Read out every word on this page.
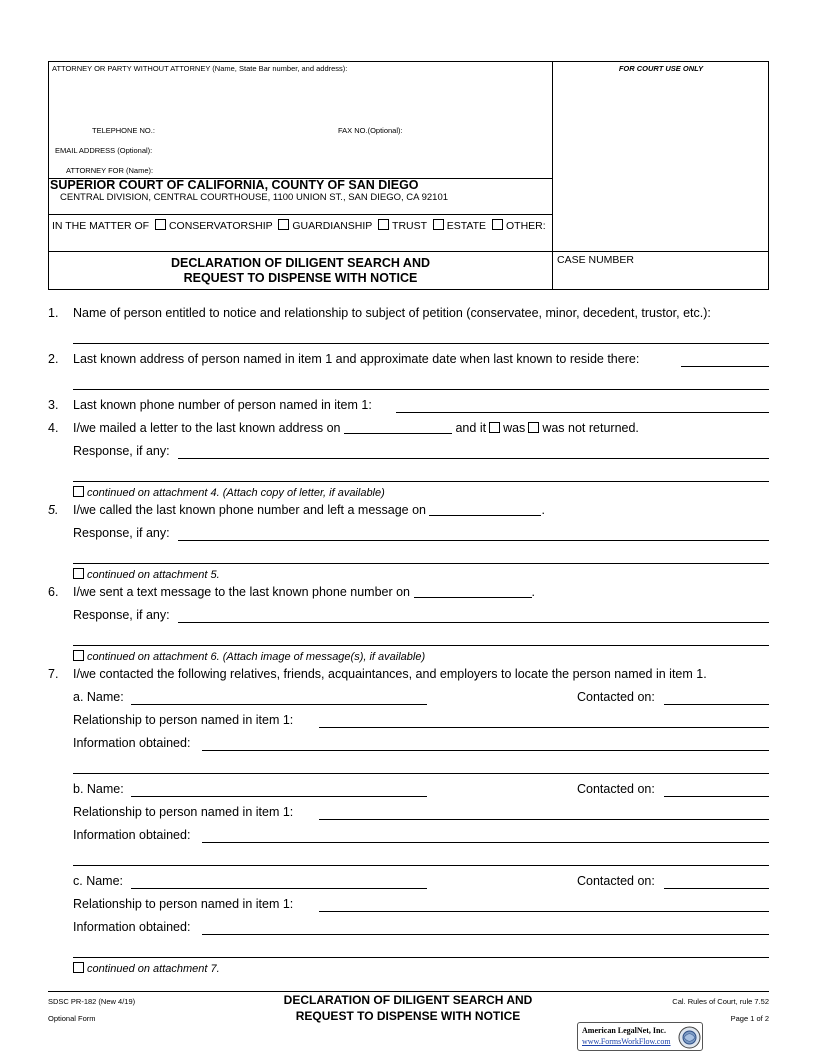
ATTORNEY OR PARTY WITHOUT ATTORNEY (Name, State Bar number, and address):	FOR COURT USE ONLY
TELEPHONE NO.:	FAX NO.(Optional):
EMAIL ADDRESS (Optional):
ATTORNEY FOR (Name):
SUPERIOR COURT OF CALIFORNIA, COUNTY OF SAN DIEGO
CENTRAL DIVISION, CENTRAL COURTHOUSE, 1100 UNION ST., SAN DIEGO, CA 92101
IN THE MATTER OF CONSERVATORSHIP GUARDIANSHIP TRUST ESTATE OTHER:
DECLARATION OF DILIGENT SEARCH AND
REQUEST TO DISPENSE WITH NOTICE
CASE NUMBER
1. Name of person entitled to notice and relationship to subject of petition (conservatee, minor, decedent, trustor, etc.):
2. Last known address of person named in item 1 and approximate date when last known to reside there:
3. Last known phone number of person named in item 1:
4. I/we mailed a letter to the last known address on	and it was was not returned.
Response, if any:
continued on attachment 4. (Attach copy of letter, if available)
5. I/we called the last known phone number and left a message on	.
Response, if any:
continued on attachment 5.
6. I/we sent a text message to the last known phone number on	.
Response, if any:
continued on attachment 6. (Attach image of message(s), if available)
7. I/we contacted the following relatives, friends, acquaintances, and employers to locate the person named in item 1.
a. Name:	Contacted on:
Relationship to person named in item 1:
Information obtained:
b. Name:	Contacted on:
Relationship to person named in item 1:
Information obtained:
c. Name:	Contacted on:
Relationship to person named in item 1:
Information obtained:
continued on attachment 7.
SDSC PR-182 (New 4/19)
Optional Form
DECLARATION OF DILIGENT SEARCH AND
REQUEST TO DISPENSE WITH NOTICE
Cal. Rules of Court, rule 7.52
Page 1 of 2
American LegalNet, Inc.
www.FormsWorkFlow.com
